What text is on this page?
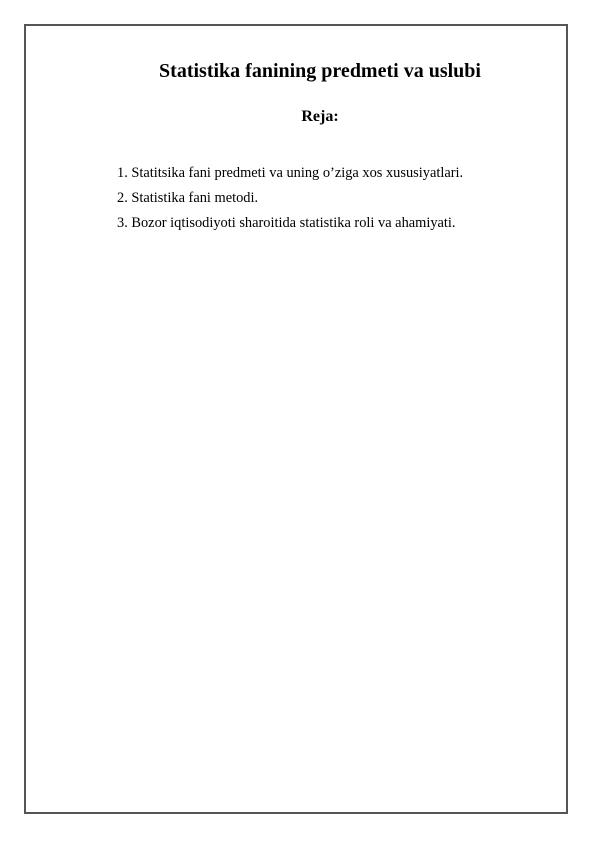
Statistika fanining predmeti va uslubi
Reja:
1. Statitsika fani predmeti va uning o’ziga xos xususiyatlari.
2. Statistika fani metodi.
3. Bozor iqtisodiyoti sharoitida statistika roli va ahamiyati.
